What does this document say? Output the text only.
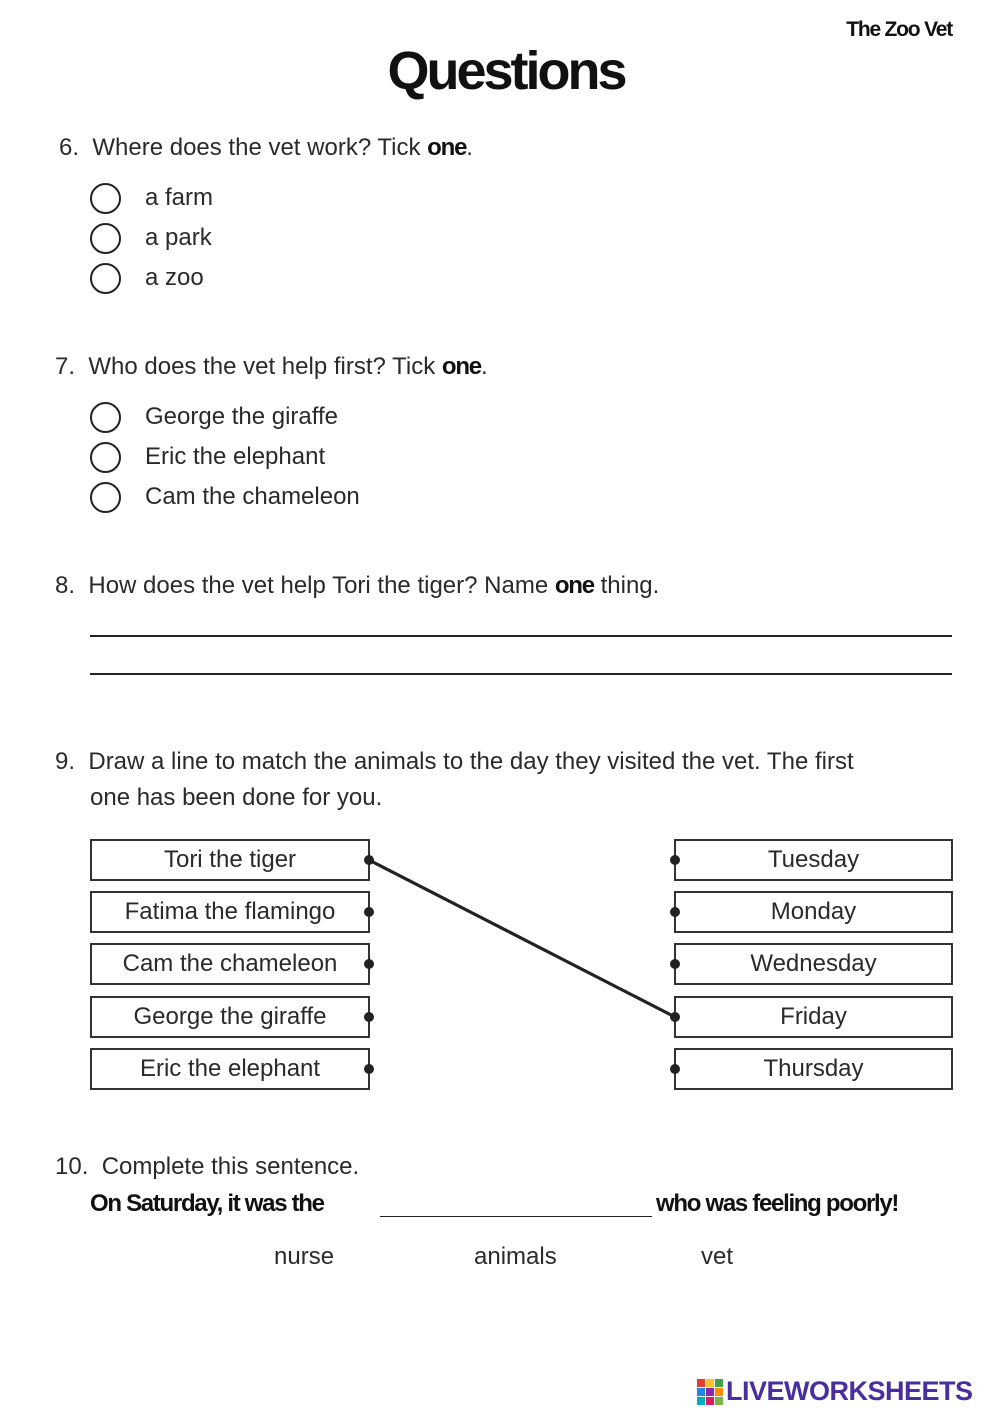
The Zoo Vet
Questions
6. Where does the vet work? Tick one.
a farm
a park
a zoo
7. Who does the vet help first? Tick one.
George the giraffe
Eric the elephant
Cam the chameleon
8. How does the vet help Tori the tiger? Name one thing.
9. Draw a line to match the animals to the day they visited the vet. The first
one has been done for you.
Tori the tiger
Fatima the flamingo
Cam the chameleon
George the giraffe
Eric the elephant
Tuesday
Monday
Wednesday
Friday
Thursday
10. Complete this sentence.
On Saturday, it was the	who was feeling poorly!
nurse	animals	vet
LIVEWORKSHEETS
